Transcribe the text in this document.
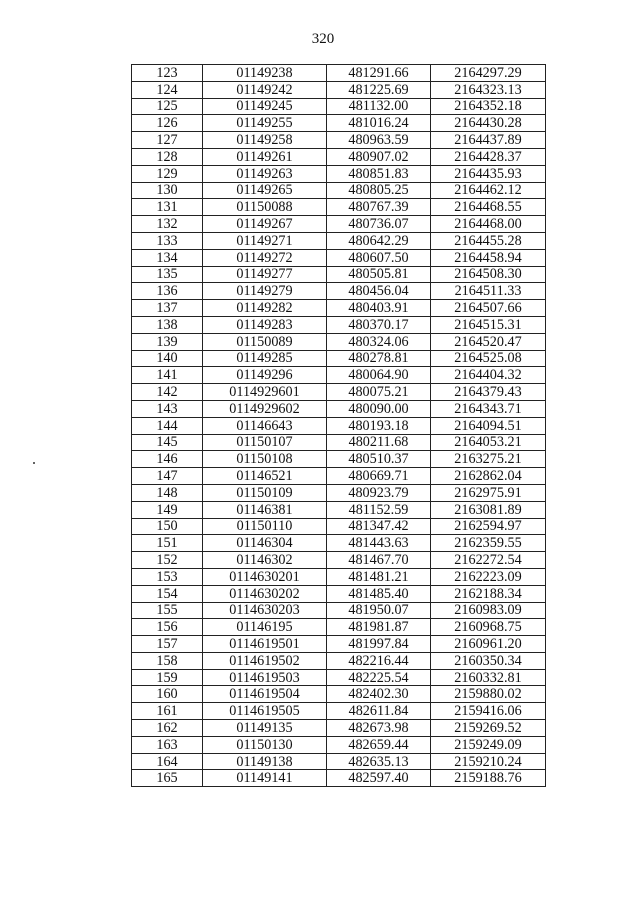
320
123	01149238	481291.66	2164297.29
124	01149242	481225.69	2164323.13
125	01149245	481132.00	2164352.18
126	01149255	481016.24	2164430.28
127	01149258	480963.59	2164437.89
128	01149261	480907.02	2164428.37
129	01149263	480851.83	2164435.93
130	01149265	480805.25	2164462.12
131	01150088	480767.39	2164468.55
132	01149267	480736.07	2164468.00
133	01149271	480642.29	2164455.28
134	01149272	480607.50	2164458.94
135	01149277	480505.81	2164508.30
136	01149279	480456.04	2164511.33
137	01149282	480403.91	2164507.66
138	01149283	480370.17	2164515.31
139	01150089	480324.06	2164520.47
140	01149285	480278.81	2164525.08
141	01149296	480064.90	2164404.32
142	0114929601	480075.21	2164379.43
143	0114929602	480090.00	2164343.71
144	01146643	480193.18	2164094.51
145	01150107	480211.68	2164053.21
146	01150108	480510.37	2163275.21
147	01146521	480669.71	2162862.04
148	01150109	480923.79	2162975.91
149	01146381	481152.59	2163081.89
150	01150110	481347.42	2162594.97
151	01146304	481443.63	2162359.55
152	01146302	481467.70	2162272.54
153	0114630201	481481.21	2162223.09
154	0114630202	481485.40	2162188.34
155	0114630203	481950.07	2160983.09
156	01146195	481981.87	2160968.75
157	0114619501	481997.84	2160961.20
158	0114619502	482216.44	2160350.34
159	0114619503	482225.54	2160332.81
160	0114619504	482402.30	2159880.02
161	0114619505	482611.84	2159416.06
162	01149135	482673.98	2159269.52
163	01150130	482659.44	2159249.09
164	01149138	482635.13	2159210.24
165	01149141	482597.40	2159188.76
